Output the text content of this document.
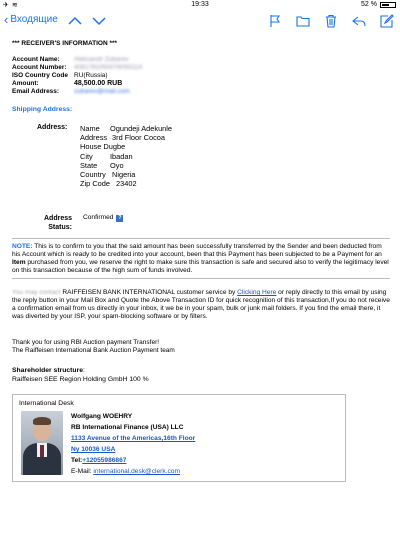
✈ ≋	19:33	52 %
‹ Входящие
*** RECEIVER'S INFORMATION ***
Account Name:	Aleksandr Zubarev
Account Number:	4081781050076050114
ISO Country Code RU(Russia)
Amount:	48,500.00 RUB
Email Address:	zubarev@mail.com
Shipping Address:
Address: Name	Ogundeji Adekunle
Address 3rd Floor Cocoa
House Dugbe
City	Ibadan
State	Oyo
Country Nigeria
Zip Code 23402
Address
Status:
Confirmed ?
NOTE: This is to confirm to you that the said amount has been successfully transferred by the Sender and been deducted from his Account which is ready to be credited into your account, been that this Payment has been subjected to be a Payment for an Item purchased from you, we reserve the right to make sure this transaction is safe and secured also to verify the legitimacy level on this transaction because of the high sum of funds involved.
You may contact RAIFFEISEN BANK INTERNATIONAL customer service by Clicking Here or reply directly to this email by using the reply button in your Mail Box and Quote the Above Transaction ID for quick recognition of this transaction,If you do not receive a confirmation email from us directly in your inbox, it we be in your spam, bulk or junk mail folders. If you find the email there, it was diverted by your ISP, your spam-blocking software or by filters.
Thank you for using RBI Auction payment Transfer!
The Raiffeisen International Bank Auction Payment team
Shareholder structure:
Raiffeisen SEE Region Holding GmbH 100 %
International Desk
Wolfgang WOEHRY
RB International Finance (USA) LLC
1133 Avenue of the Americas,16th Floor
Ny 10036 USA
Tel:+12055986867
E-Mail: international.desk@clerk.com
